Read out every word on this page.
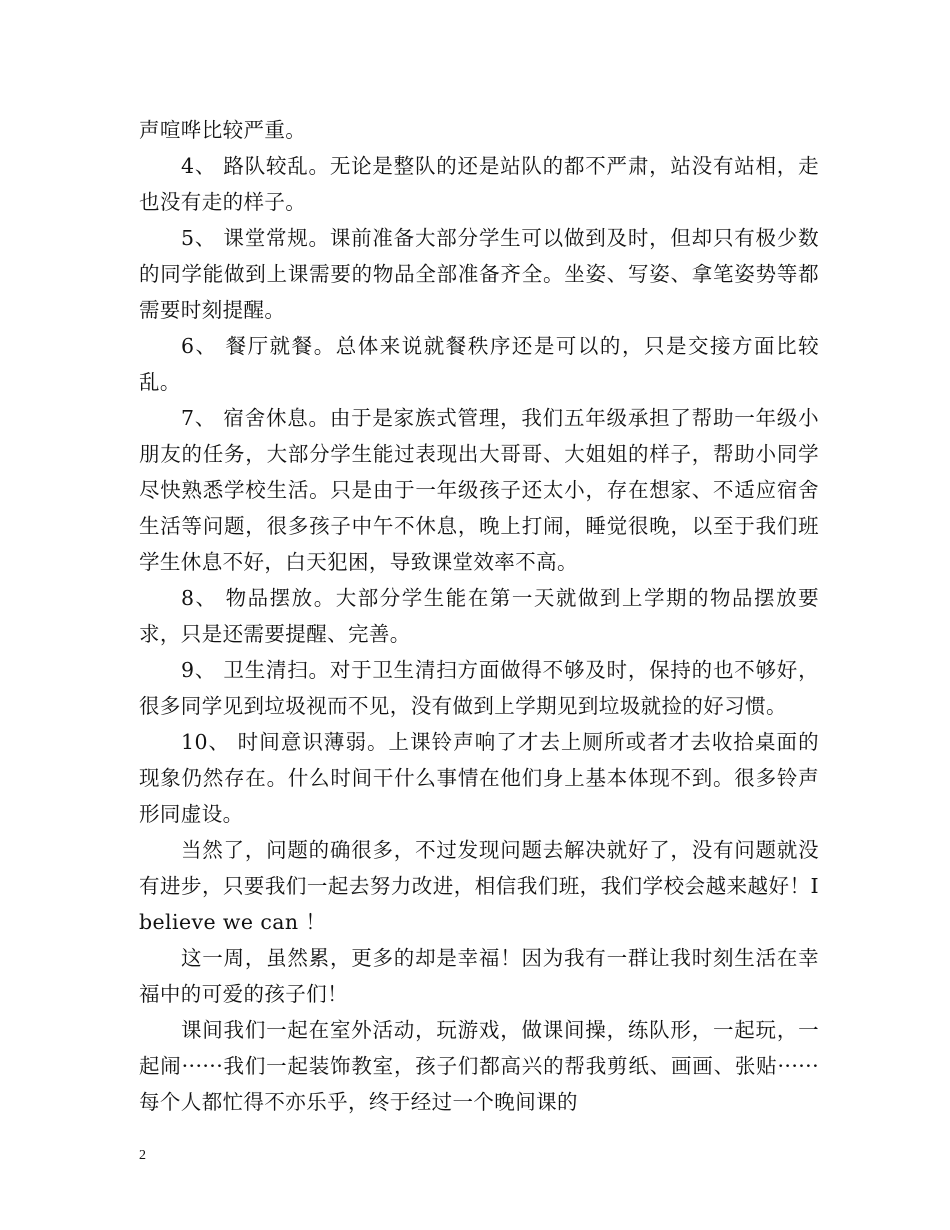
声喧哗比较严重。

4、 路队较乱。无论是整队的还是站队的都不严肃，站没有站相，走也没有走的样子。

5、 课堂常规。课前准备大部分学生可以做到及时，但却只有极少数的同学能做到上课需要的物品全部准备齐全。坐姿、写姿、拿笔姿势等都需要时刻提醒。

6、 餐厅就餐。总体来说就餐秩序还是可以的，只是交接方面比较乱。

7、 宿舍休息。由于是家族式管理，我们五年级承担了帮助一年级小朋友的任务，大部分学生能过表现出大哥哥、大姐姐的样子，帮助小同学尽快熟悉学校生活。只是由于一年级孩子还太小，存在想家、不适应宿舍生活等问题，很多孩子中午不休息，晚上打闹，睡觉很晚，以至于我们班学生休息不好，白天犯困，导致课堂效率不高。

8、 物品摆放。大部分学生能在第一天就做到上学期的物品摆放要求，只是还需要提醒、完善。

9、 卫生清扫。对于卫生清扫方面做得不够及时，保持的也不够好，很多同学见到垃圾视而不见，没有做到上学期见到垃圾就捡的好习惯。

10、 时间意识薄弱。上课铃声响了才去上厕所或者才去收拾桌面的现象仍然存在。什么时间干什么事情在他们身上基本体现不到。很多铃声形同虚设。

当然了，问题的确很多，不过发现问题去解决就好了，没有问题就没有进步，只要我们一起去努力改进，相信我们班，我们学校会越来越好！I believe we can ！

这一周，虽然累，更多的却是幸福！因为我有一群让我时刻生活在幸福中的可爱的孩子们！

课间我们一起在室外活动，玩游戏，做课间操，练队形，一起玩，一起闹······我们一起装饰教室，孩子们都高兴的帮我剪纸、画画、张贴······每个人都忙得不亦乐乎，终于经过一个晚间课的

2
